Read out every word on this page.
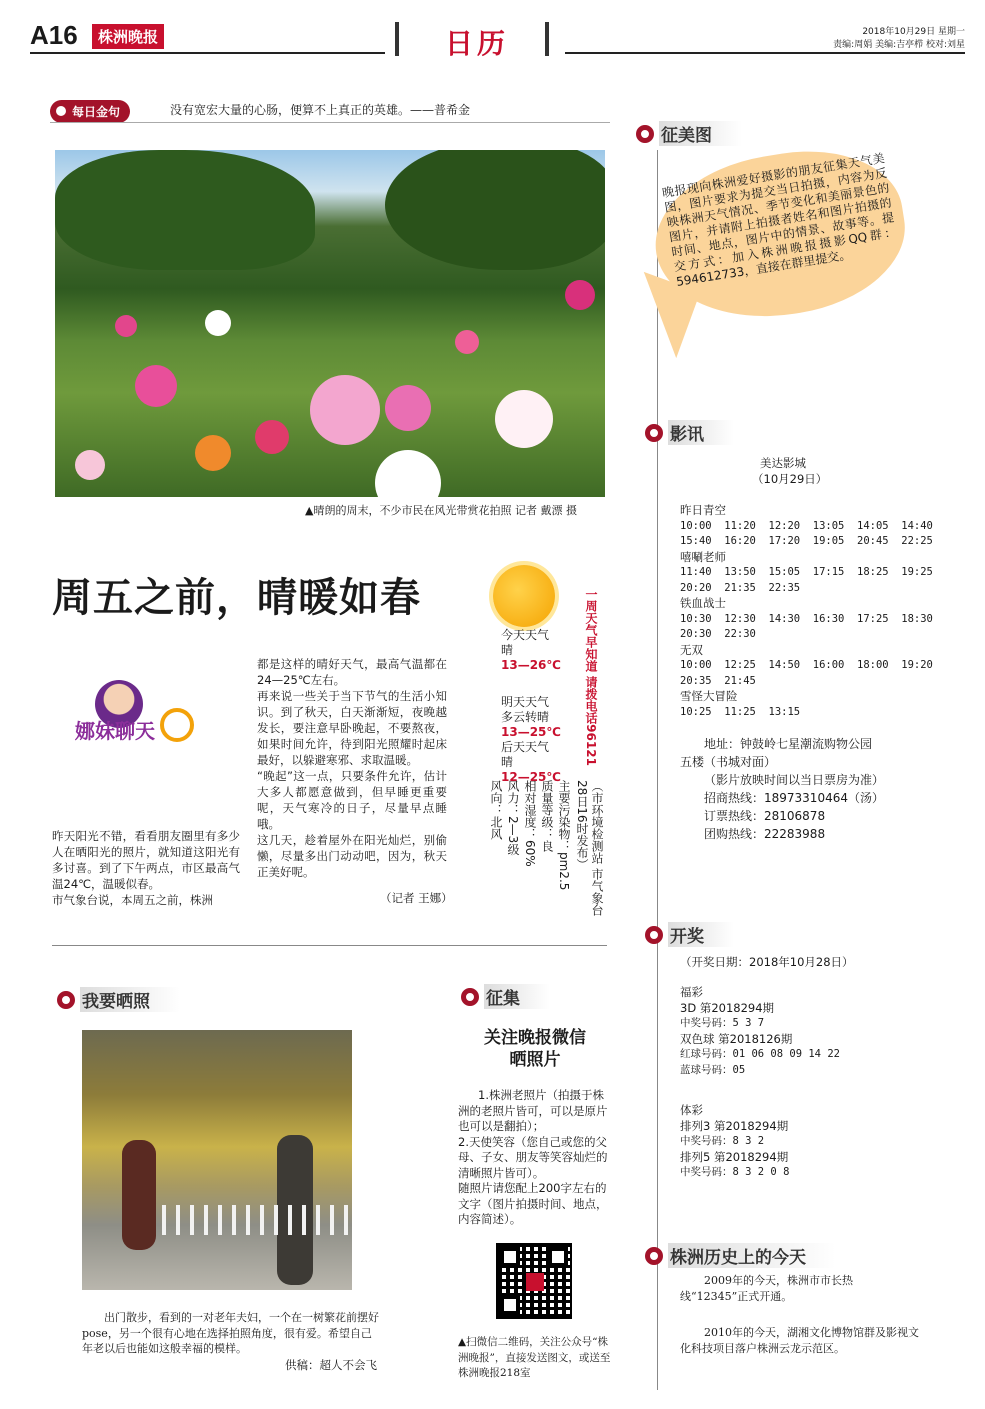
A16	株洲晚报	日历	2018年10月29日 星期一
责编:周娟 美编:吉亭栉 校对:刘星
每日金句	没有宽宏大量的心肠，便算不上真正的英雄。——普希金
▲晴朗的周末，不少市民在风光带赏花拍照 记者 戴漂 摄
周五之前，晴暖如春
娜妹聊天
昨天阳光不错，看看朋友圈里有多少人在晒阳光的照片，就知道这阳光有多讨喜。到了下午两点，市区最高气温24℃，温暖似春。
市气象台说，本周五之前，株洲
都是这样的晴好天气，最高气温都在24—25℃左右。
再来说一些关于当下节气的生活小知识。到了秋天，白天渐渐短，夜晚越发长，要注意早卧晚起，不要熬夜，如果时间允许，待到阳光照耀时起床最好，以躲避寒邪、求取温暖。
“晚起”这一点，只要条件允许，估计大多人都愿意做到，但早睡更重要呢，天气寒冷的日子，尽量早点睡哦。
这几天，趁着屋外在阳光灿烂，别偷懒，尽量多出门动动吧，因为，秋天正美好呢。
（记者 王娜）
今天天气
晴
13—26℃
明天天气
多云转晴
13—25℃
后天天气
晴
12—25℃
一周天气早知道 请拨电话96121
（市环境检测站 市气象台28日16时发布）
主要污染物：pm2.5
质量等级：良
相对湿度：60%
风力：2—3级
风向：北风
征美图
晚报现向株洲爱好摄影的朋友征集天气美图，图片要求为提交当日拍摄，内容为反映株洲天气情况、季节变化和美丽景色的图片，并请附上拍摄者姓名和图片拍摄的时间、地点，图片中的情景、故事等。提交方式：加入株洲晚报摄影QQ群：594612733，直接在群里提交。
影讯
美达影城
（10月29日）
昨日青空
10:00  11:20  12:20  13:05  14:05  14:40
15:40  16:20  17:20  19:05  20:45  22:25
嘻唰老师
11:40  13:50  15:05  17:15  18:25  19:25
20:20  21:35  22:35
铁血战士
10:30  12:30  14:30  16:30  17:25  18:30
20:30  22:30
无双
10:00  12:25  14:50  16:00  18:00  19:20
20:35  21:45
雪怪大冒险
10:25  11:25  13:15
地址：钟鼓岭七星潮流购物公园五楼（书城对面）
（影片放映时间以当日票房为准）
招商热线：18973310464（汤）
订票热线：28106878
团购热线：22283988
开奖
（开奖日期：2018年10月28日）
福彩
3D 第2018294期
中奖号码：5 3 7
双色球 第2018126期
红球号码：01 06 08 09 14 22
蓝球号码：05
体彩
排列3 第2018294期
中奖号码：8 3 2
排列5 第2018294期
中奖号码：8 3 2 0 8
株洲历史上的今天
2009年的今天，株洲市市长热线“12345”正式开通。
2010年的今天，湖湘文化博物馆群及影视文化科技项目落户株洲云龙示范区。
我要晒照
出门散步，看到的一对老年夫妇，一个在一树繁花前摆好pose，另一个很有心地在选择拍照角度，很有爱。希望自己年老以后也能如这般幸福的模样。
供稿：超人不会飞
征集
关注晚报微信
晒照片
1.株洲老照片（拍摄于株洲的老照片皆可，可以是原片也可以是翻拍）；
2.天使笑容（您自己或您的父母、子女、朋友等笑容灿烂的清晰照片皆可）。
随照片请您配上200字左右的文字（图片拍摄时间、地点，内容简述）。
▲扫微信二维码，关注公众号“株洲晚报”，直接发送图文，或送至株洲晚报218室
